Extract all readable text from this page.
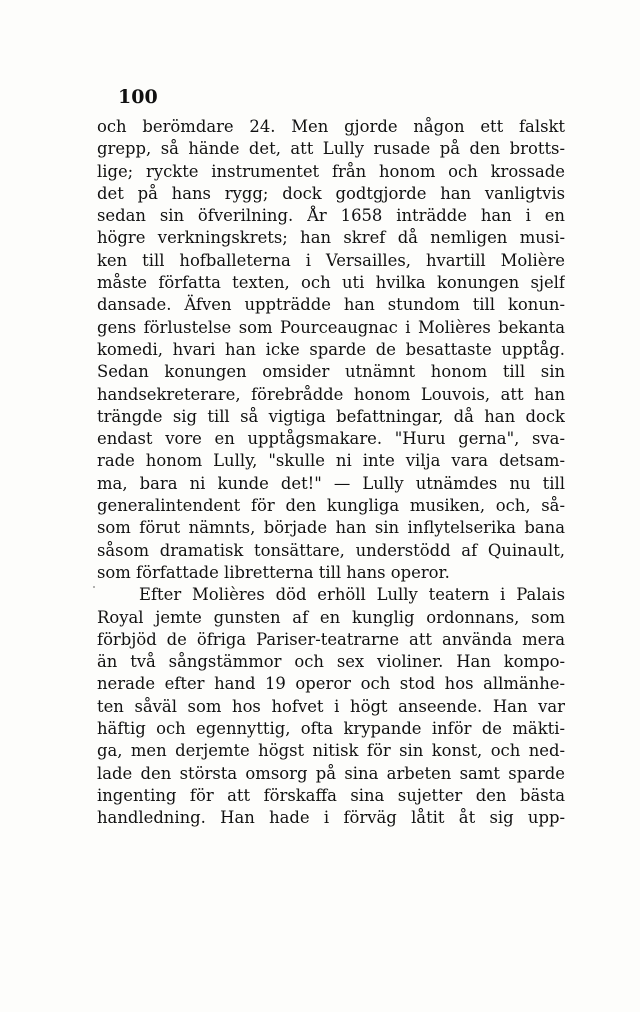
100
och berömdare 24. Men gjorde någon ett falskt
grepp, så hände det, att Lully rusade på den brotts-
lige; ryckte instrumentet från honom och krossade
det på hans rygg; dock godtgjorde han vanligtvis
sedan sin öfverilning. År 1658 inträdde han i en
högre verkningskrets; han skref då nemligen musi-
ken till hofballeterna i Versailles, hvartill Molière
måste författa texten, och uti hvilka konungen sjelf
dansade. Äfven uppträdde han stundom till konun-
gens förlustelse som Pourceaugnac i Molières bekanta
komedi, hvari han icke sparde de besattaste upptåg.
Sedan konungen omsider utnämnt honom till sin
handsekreterare, förebrådde honom Louvois, att han
trängde sig till så vigtiga befattningar, då han dock
endast vore en upptågsmakare. "Huru gerna", sva-
rade honom Lully, "skulle ni inte vilja vara detsam-
ma, bara ni kunde det!" — Lully utnämdes nu till
generalintendent för den kungliga musiken, och, så-
som förut nämnts, började han sin inflytelserika bana
såsom dramatisk tonsättare, understödd af Quinault,
som författade libretterna till hans operor.
Efter Molières död erhöll Lully teatern i Palais
Royal jemte gunsten af en kunglig ordonnans, som
förbjöd de öfriga Pariser-teatrarne att använda mera
än två sångstämmor och sex violiner. Han kompo-
nerade efter hand 19 operor och stod hos allmänhe-
ten såväl som hos hofvet i högt anseende. Han var
häftig och egennyttig, ofta krypande inför de mäkti-
ga, men derjemte högst nitisk för sin konst, och ned-
lade den största omsorg på sina arbeten samt sparde
ingenting för att förskaffa sina sujetter den bästa
handledning. Han hade i förväg låtit åt sig upp-
